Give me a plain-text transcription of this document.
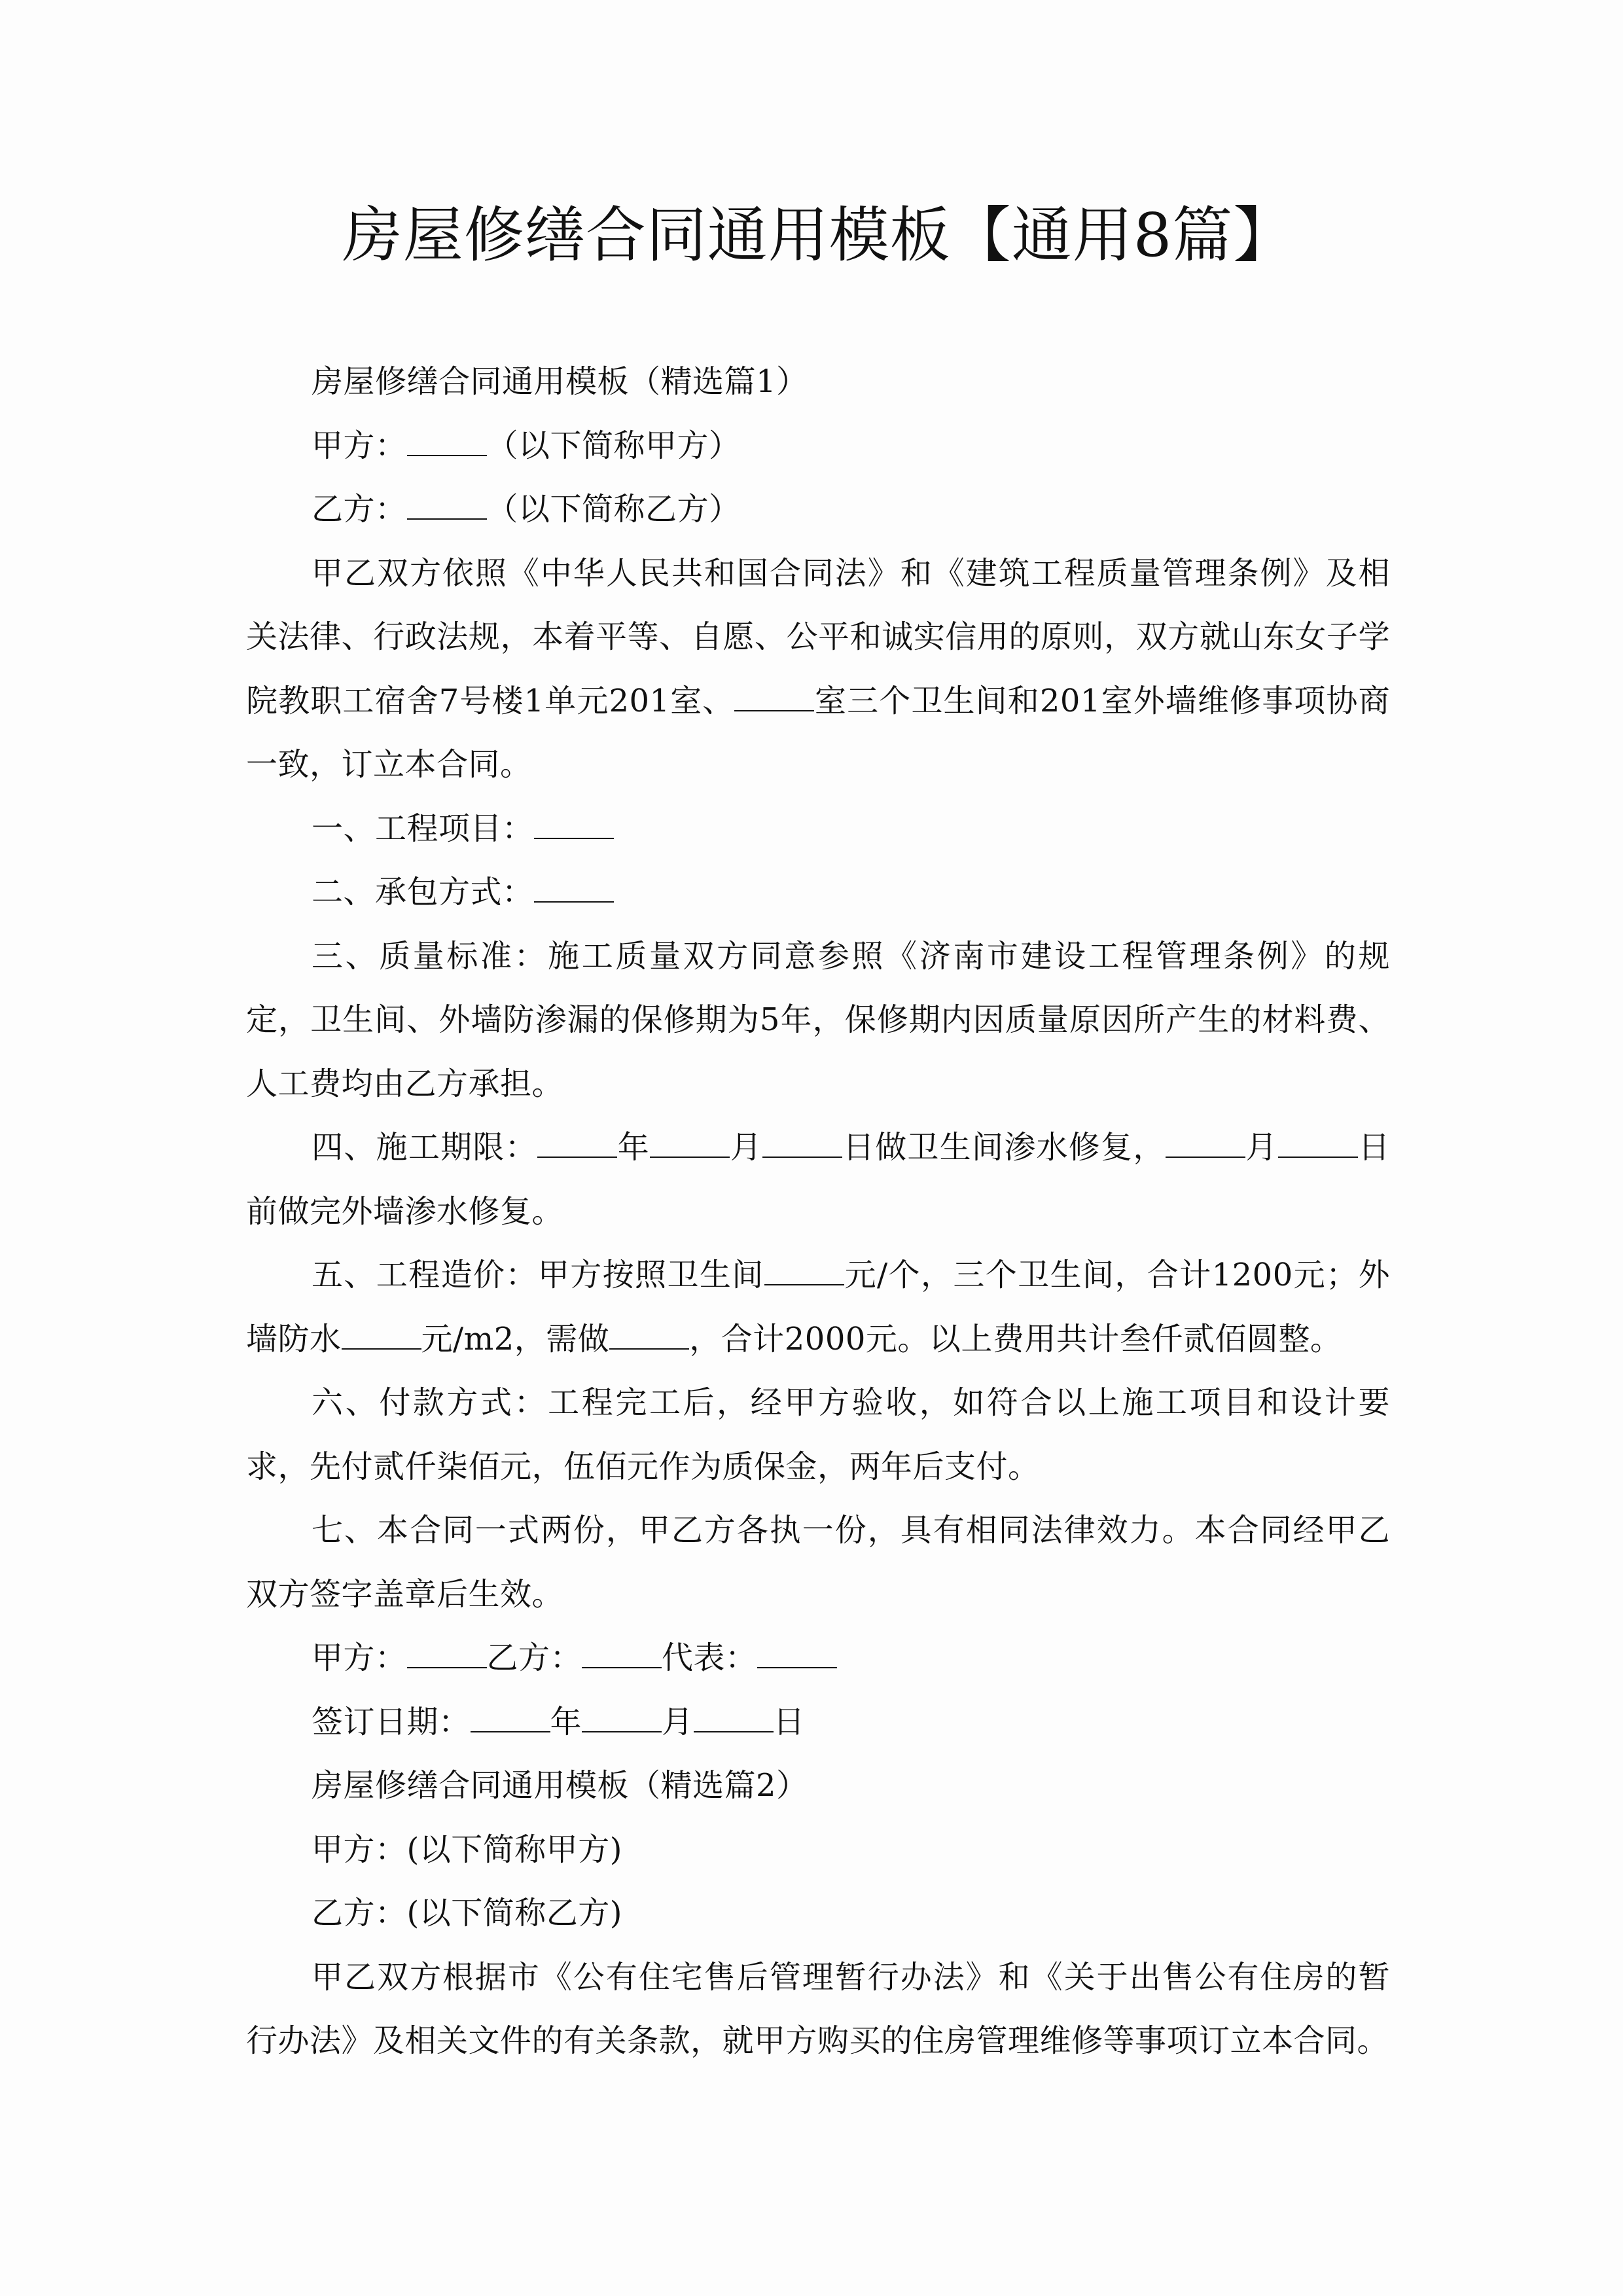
房屋修缮合同通用模板【通用8篇】

房屋修缮合同通用模板（精选篇1）

甲方：	（以下简称甲方）

乙方：	（以下简称乙方）

甲乙双方依照《中华人民共和国合同法》和《建筑工程质量管理条例》及相关法律、行政法规，本着平等、自愿、公平和诚实信用的原则，双方就山东女子学院教职工宿舍7号楼1单元201室、	室三个卫生间和201室外墙维修事项协商一致，订立本合同。

一、工程项目：

二、承包方式：

三、质量标准：施工质量双方同意参照《济南市建设工程管理条例》的规定，卫生间、外墙防渗漏的保修期为5年，保修期内因质量原因所产生的材料费、人工费均由乙方承担。

四、施工期限：	年	月	日做卫生间渗水修复，	月	日前做完外墙渗水修复。

五、工程造价：甲方按照卫生间	元/个，三个卫生间，合计1200元；外墙防水	元/m2，需做	，合计2000元。以上费用共计叁仟贰佰圆整。

六、付款方式：工程完工后，经甲方验收，如符合以上施工项目和设计要求，先付贰仟柒佰元，伍佰元作为质保金，两年后支付。

七、本合同一式两份，甲乙方各执一份，具有相同法律效力。本合同经甲乙双方签字盖章后生效。

甲方：	乙方：	代表：

签订日期：	年	月	日

房屋修缮合同通用模板（精选篇2）

甲方：(以下简称甲方)

乙方：(以下简称乙方)

甲乙双方根据市《公有住宅售后管理暂行办法》和《关于出售公有住房的暂行办法》及相关文件的有关条款，就甲方购买的住房管理维修等事项订立本合同。
